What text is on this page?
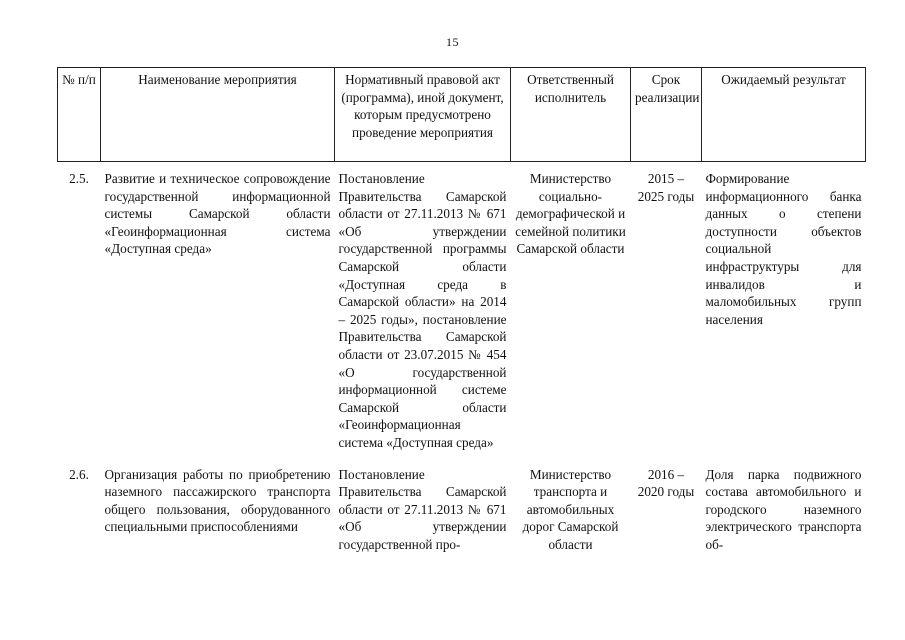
15
№ п/п	Наименование мероприятия	Нормативный правовой акт (программа), иной документ, которым предусмотрено проведение мероприятия	Ответственный исполнитель	Срок реализации	Ожидаемый результат
2.5.	Развитие и техническое сопровождение государственной информационной системы Самарской области «Геоинформационная система «Доступная среда»	Постановление Правительства Самарской области от 27.11.2013 № 671 «Об утверждении государственной программы Самарской области «Доступная среда в Самарской области» на 2014 – 2025 годы», постановление Правительства Самарской области от 23.07.2015 № 454 «О государственной информационной системе Самарской области «Геоинформационная система «Доступная среда»	Министерство социально-демографической и семейной политики Самарской области	2015 – 2025 годы	Формирование информационного банка данных о степени доступности объектов социальной инфраструктуры для инвалидов и маломобильных групп населения
2.6.	Организация работы по приобретению наземного пассажирского транспорта общего пользования, оборудованного специальными приспособлениями	Постановление Правительства Самарской области от 27.11.2013 № 671 «Об утверждении государственной про-	Министерство транспорта и автомобильных дорог Самарской области	2016 – 2020 годы	Доля парка подвижного состава автомобильного и городского наземного электрического транспорта об-
